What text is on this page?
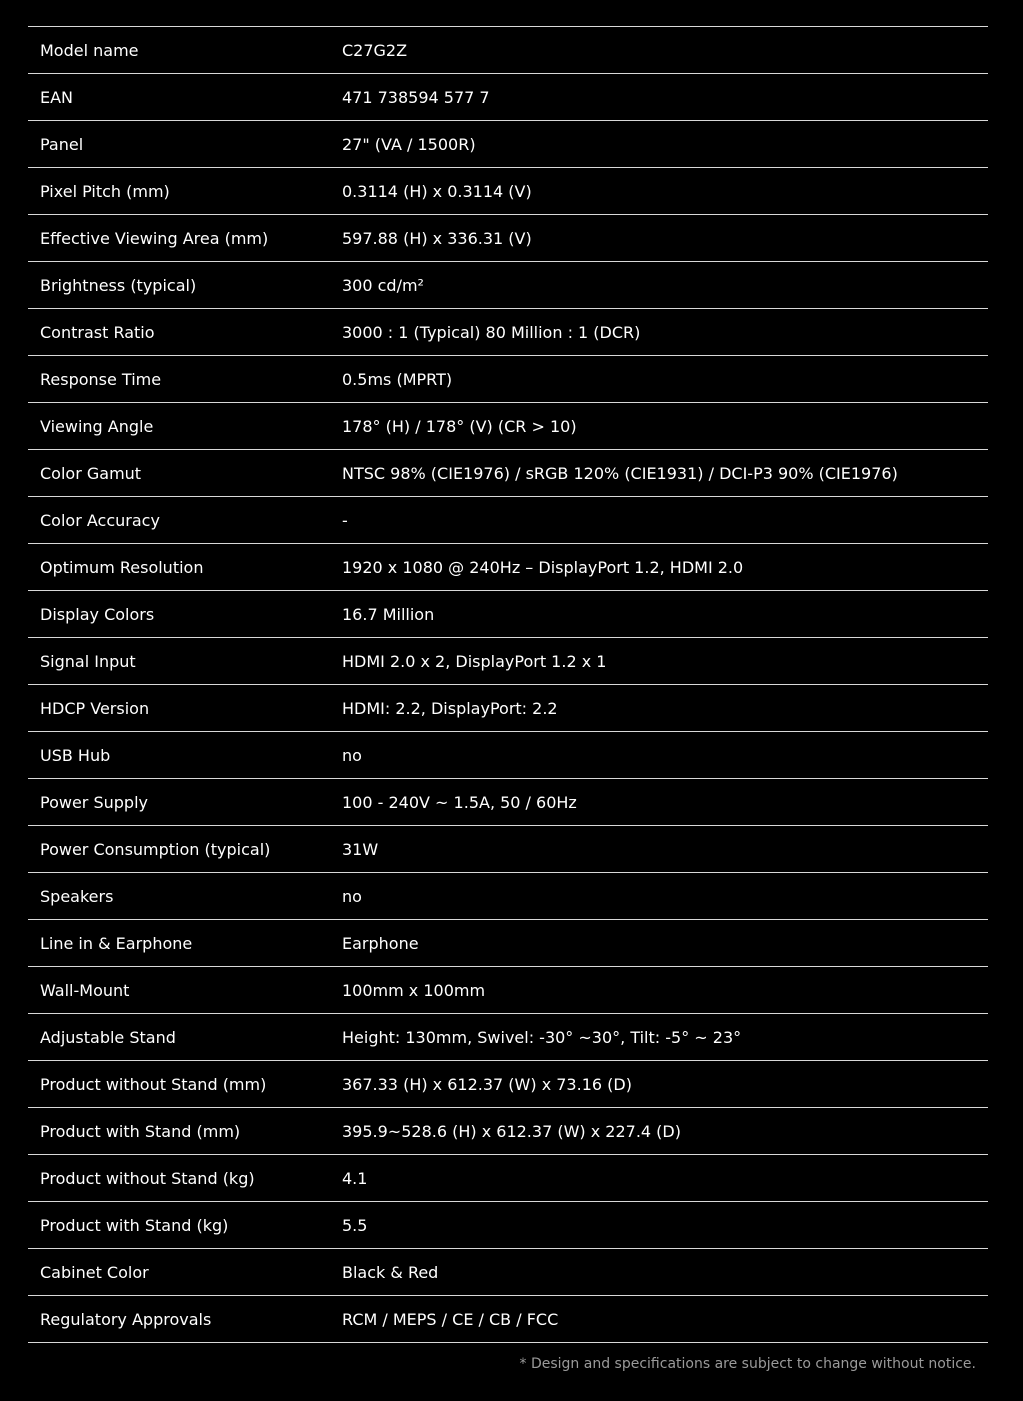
Model name	C27G2Z
EAN	471 738594 577 7
Panel	27" (VA / 1500R)
Pixel Pitch (mm)	0.3114 (H) x 0.3114 (V)
Effective Viewing Area (mm)	597.88 (H) x 336.31 (V)
Brightness (typical)	300 cd/m²
Contrast Ratio	3000 : 1 (Typical) 80 Million : 1 (DCR)
Response Time	0.5ms (MPRT)
Viewing Angle	178° (H) / 178° (V) (CR > 10)
Color Gamut	NTSC 98% (CIE1976) / sRGB 120% (CIE1931) / DCI-P3 90% (CIE1976)
Color Accuracy	-
Optimum Resolution	1920 x 1080 @ 240Hz – DisplayPort 1.2, HDMI 2.0
Display Colors	16.7 Million
Signal Input	HDMI 2.0 x 2, DisplayPort 1.2 x 1
HDCP Version	HDMI: 2.2, DisplayPort: 2.2
USB Hub	no
Power Supply	100 - 240V ~ 1.5A, 50 / 60Hz
Power Consumption (typical)	31W
Speakers	no
Line in & Earphone	Earphone
Wall-Mount	100mm x 100mm
Adjustable Stand	Height: 130mm, Swivel: -30° ~30°, Tilt: -5° ~ 23°
Product without Stand (mm)	367.33 (H) x 612.37 (W) x 73.16 (D)
Product with Stand (mm)	395.9~528.6 (H) x 612.37 (W) x 227.4 (D)
Product without Stand (kg)	4.1
Product with Stand (kg)	5.5
Cabinet Color	Black & Red
Regulatory Approvals	RCM / MEPS / CE / CB / FCC
* Design and specifications are subject to change without notice.
